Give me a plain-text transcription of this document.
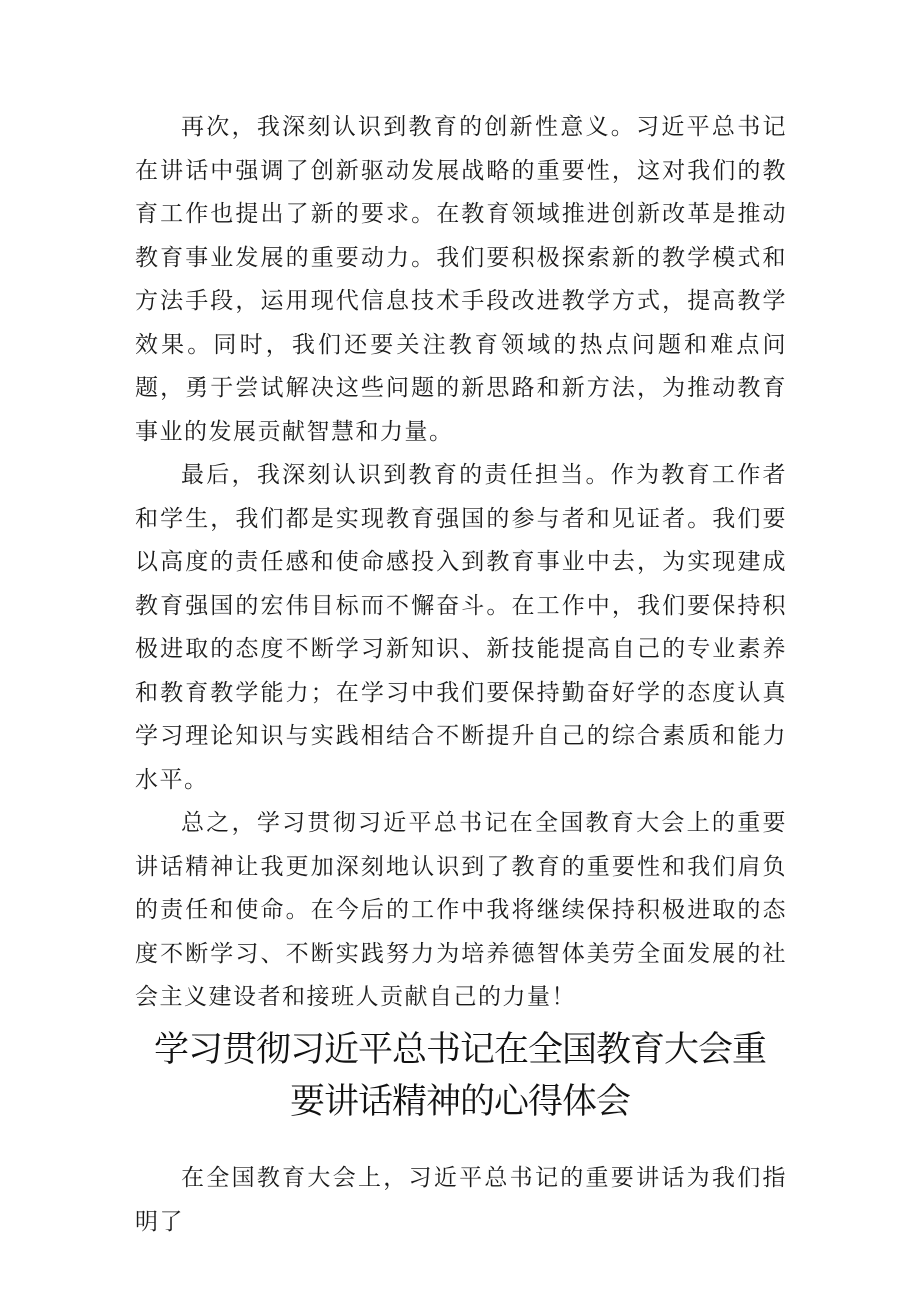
再次，我深刻认识到教育的创新性意义。习近平总书记在讲话中强调了创新驱动发展战略的重要性，这对我们的教育工作也提出了新的要求。在教育领域推进创新改革是推动教育事业发展的重要动力。我们要积极探索新的教学模式和方法手段，运用现代信息技术手段改进教学方式，提高教学效果。同时，我们还要关注教育领域的热点问题和难点问题，勇于尝试解决这些问题的新思路和新方法，为推动教育事业的发展贡献智慧和力量。

最后，我深刻认识到教育的责任担当。作为教育工作者和学生，我们都是实现教育强国的参与者和见证者。我们要以高度的责任感和使命感投入到教育事业中去，为实现建成教育强国的宏伟目标而不懈奋斗。在工作中，我们要保持积极进取的态度不断学习新知识、新技能提高自己的专业素养和教育教学能力；在学习中我们要保持勤奋好学的态度认真学习理论知识与实践相结合不断提升自己的综合素质和能力水平。

总之，学习贯彻习近平总书记在全国教育大会上的重要讲话精神让我更加深刻地认识到了教育的重要性和我们肩负的责任和使命。在今后的工作中我将继续保持积极进取的态度不断学习、不断实践努力为培养德智体美劳全面发展的社会主义建设者和接班人贡献自己的力量！

学习贯彻习近平总书记在全国教育大会重
要讲话精神的心得体会

在全国教育大会上，习近平总书记的重要讲话为我们指明了
